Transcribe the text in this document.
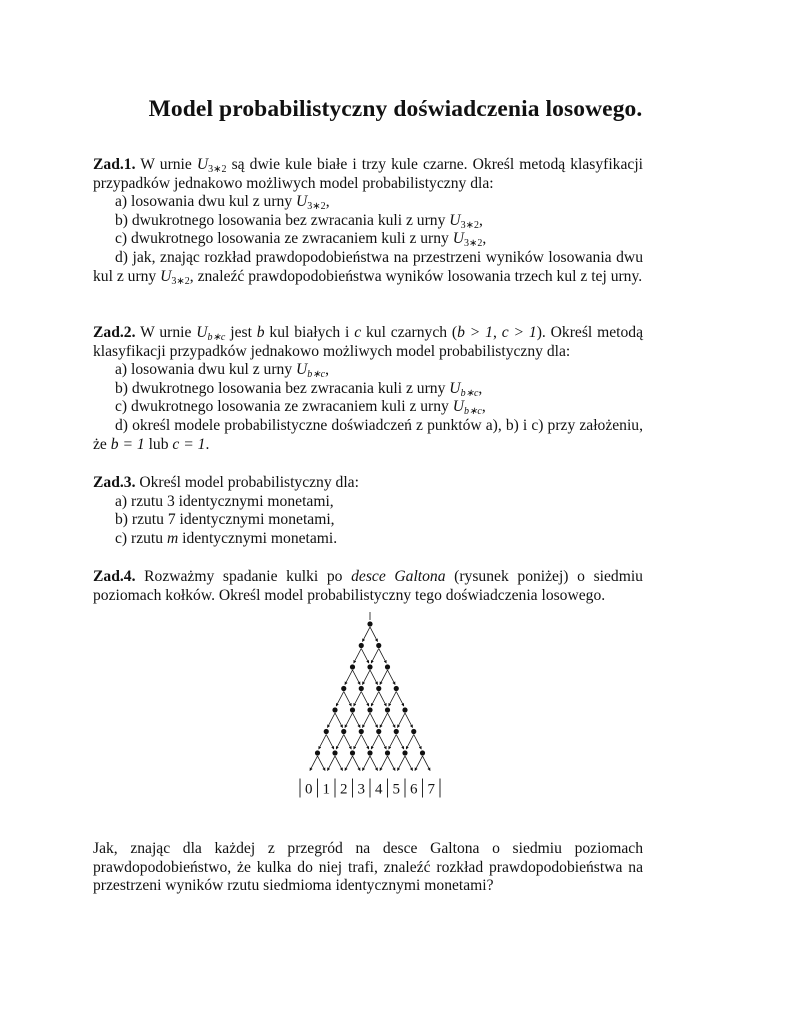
Model probabilistyczny doświadczenia losowego.

Zad.1. W urnie $U_{3∗2}$ są dwie kule białe i trzy kule czarne. Określ metodą klasyfikacji przypadków jednakowo możliwych model probabilistyczny dla:

a) losowania dwu kul z urny $U_{3∗2}$,

b) dwukrotnego losowania bez zwracania kuli z urny $U_{3∗2}$,

c) dwukrotnego losowania ze zwracaniem kuli z urny $U_{3∗2}$,

d) jak, znając rozkład prawdopodobieństwa na przestrzeni wyników losowania dwu kul z urny $U_{3∗2}$, znaleźć prawdopodobieństwa wyników losowania trzech kul z tej urny.

Zad.2. W urnie $U_{b∗c}$ jest b kul białych i c kul czarnych (b > 1, c > 1). Określ metodą klasyfikacji przypadków jednakowo możliwych model probabilistyczny dla:

a) losowania dwu kul z urny $U_{b∗c}$,

b) dwukrotnego losowania bez zwracania kuli z urny $U_{b∗c}$,

c) dwukrotnego losowania ze zwracaniem kuli z urny $U_{b∗c}$,

d) określ modele probabilistyczne doświadczeń z punktów a), b) i c) przy założeniu, że b = 1 lub c = 1.

Zad.3. Określ model probabilistyczny dla:

a) rzutu 3 identycznymi monetami,

b) rzutu 7 identycznymi monetami,

c) rzutu m identycznymi monetami.

Zad.4. Rozważmy spadanie kulki po desce Galtona (rysunek poniżej) o siedmiu poziomach kołków. Określ model probabilistyczny tego doświadczenia losowego.

0 1 2 3 4 5 6 7

Jak, znając dla każdej z przegród na desce Galtona o siedmiu poziomach prawdopodobieństwo, że kulka do niej trafi, znaleźć rozkład prawdopodobieństwa na przestrzeni wyników rzutu siedmioma identycznymi monetami?
